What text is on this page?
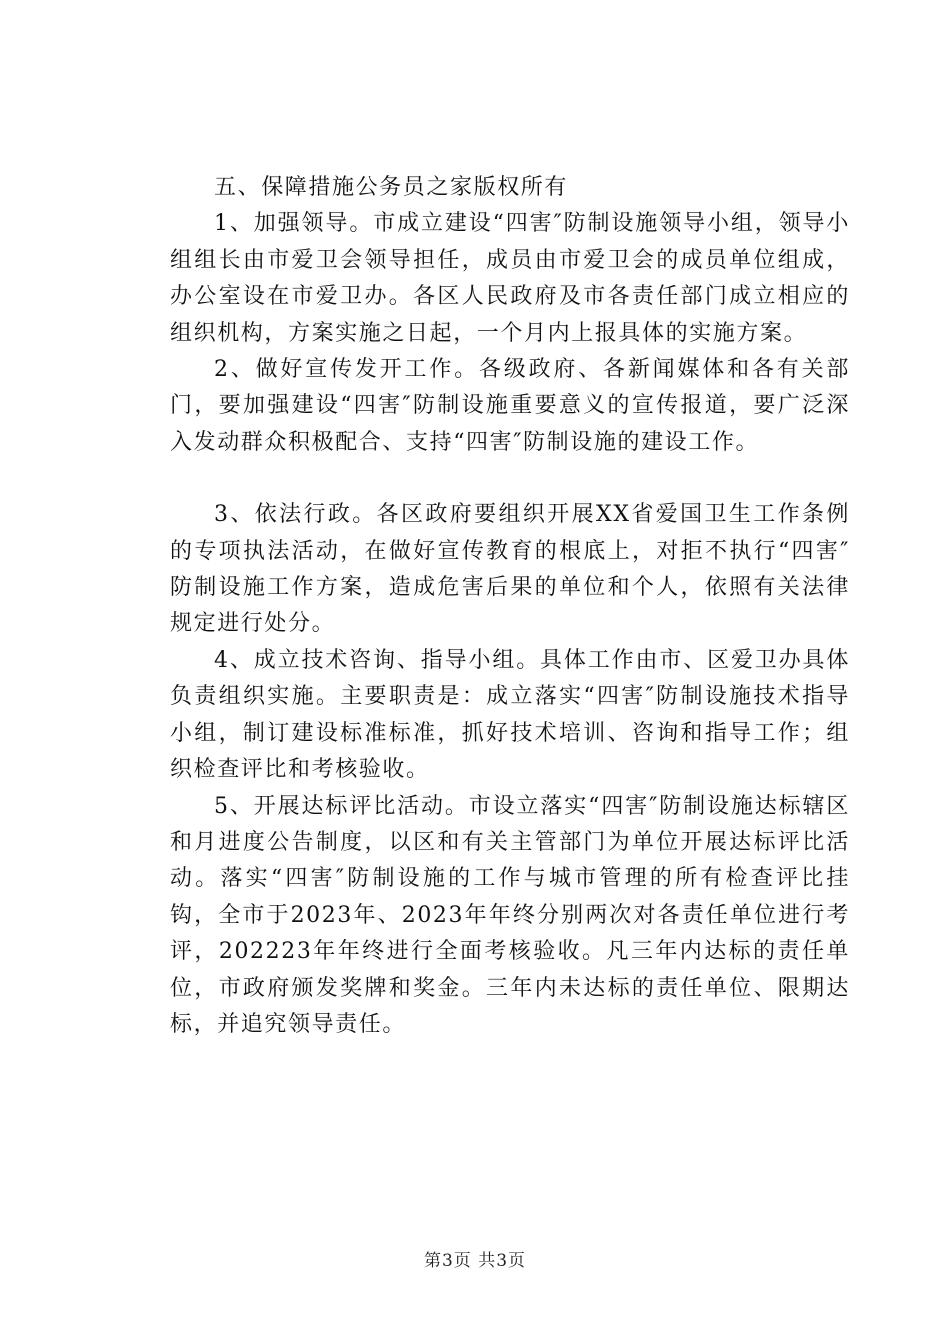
五、保障措施公务员之家版权所有

1、加强领导。市成立建设“四害″防制设施领导小组，领导小组组长由市爱卫会领导担任，成员由市爱卫会的成员单位组成，办公室设在市爱卫办。各区人民政府及市各责任部门成立相应的组织机构，方案实施之日起，一个月内上报具体的实施方案。

2、做好宣传发开工作。各级政府、各新闻媒体和各有关部门，要加强建设“四害″防制设施重要意义的宣传报道，要广泛深入发动群众积极配合、支持“四害″防制设施的建设工作。

3、依法行政。各区政府要组织开展XX省爱国卫生工作条例的专项执法活动，在做好宣传教育的根底上，对拒不执行“四害″防制设施工作方案，造成危害后果的单位和个人，依照有关法律规定进行处分。

4、成立技术咨询、指导小组。具体工作由市、区爱卫办具体负责组织实施。主要职责是：成立落实“四害″防制设施技术指导小组，制订建设标准标准，抓好技术培训、咨询和指导工作；组织检查评比和考核验收。

5、开展达标评比活动。市设立落实“四害″防制设施达标辖区和月进度公告制度，以区和有关主管部门为单位开展达标评比活动。落实“四害″防制设施的工作与城市管理的所有检查评比挂钩，全市于2023年、2023年年终分别两次对各责任单位进行考评，202223年年终进行全面考核验收。凡三年内达标的责任单位，市政府颁发奖牌和奖金。三年内未达标的责任单位、限期达标，并追究领导责任。

第3页 共3页
